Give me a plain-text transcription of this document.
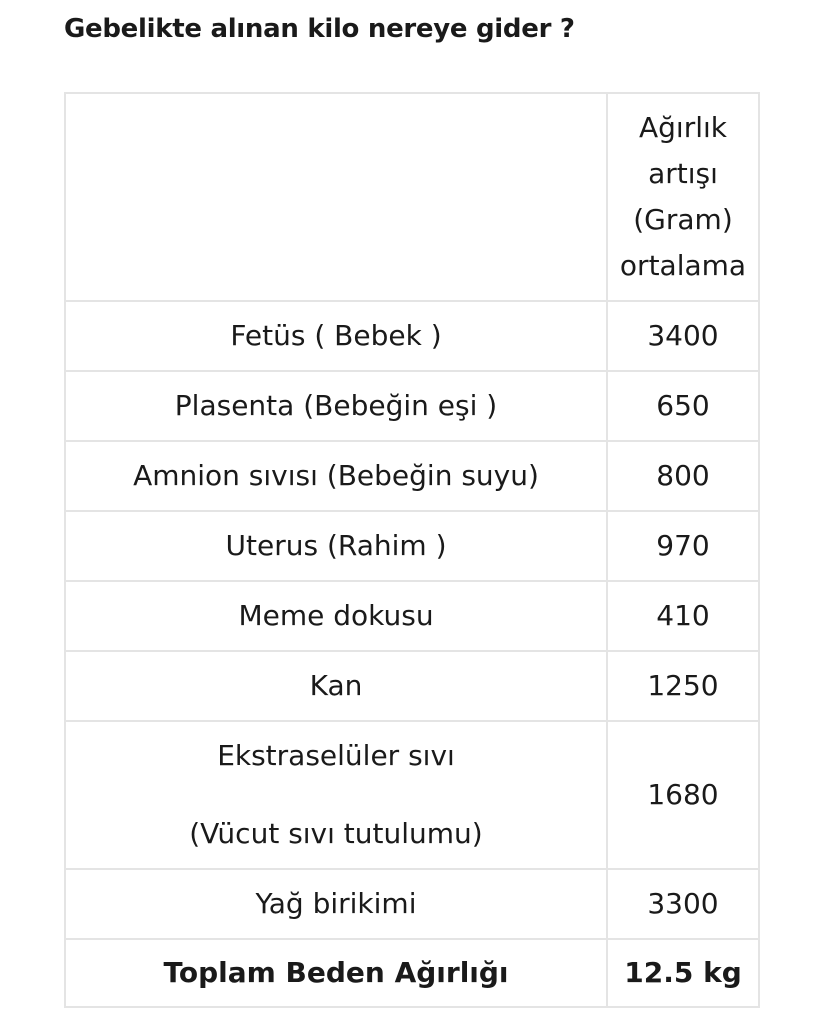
Gebelikte alınan kilo nereye gider ?

	Ağırlık
artışı
(Gram)
ortalama

Fetüs ( Bebek )	3400
Plasenta (Bebeğin eşi )	650
Amnion sıvısı (Bebeğin suyu)	800
Uterus (Rahim )	970
Meme dokusu	410
Kan	1250

Ekstraselüler sıvı
(Vücut sıvı tutulumu)	1680
Yağ birikimi	3300
Toplam Beden Ağırlığı	12.5 kg
